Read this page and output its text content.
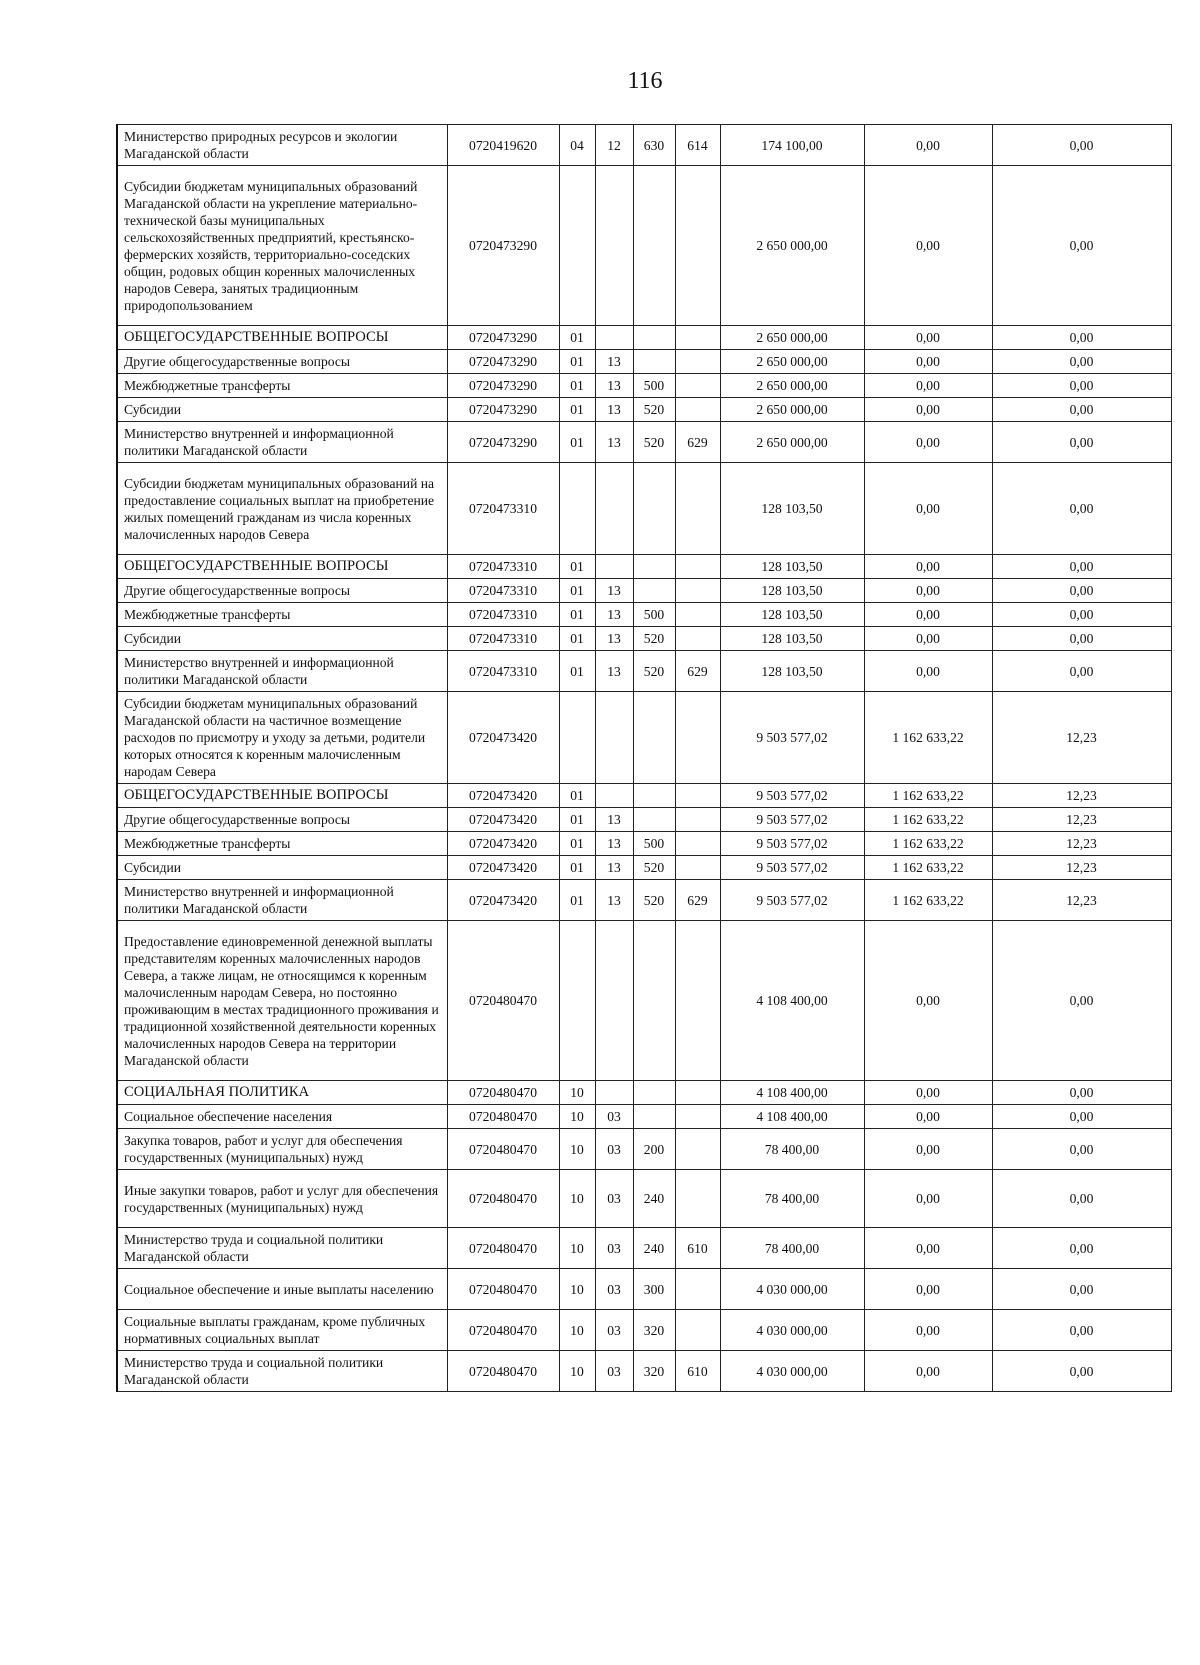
116
Министерство природных ресурсов и экологии Магаданской области	0720419620	04	12	630	614	174 100,00	0,00	0,00
Субсидии бюджетам муниципальных образований Магаданской области на укрепление материально-технической базы муниципальных сельскохозяйственных предприятий, крестьянско-фермерских хозяйств, территориально-соседских общин, родовых общин коренных малочисленных народов Севера, занятых традиционным природопользованием	0720473290					2 650 000,00	0,00	0,00
ОБЩЕГОСУДАРСТВЕННЫЕ ВОПРОСЫ	0720473290	01				2 650 000,00	0,00	0,00
Другие общегосударственные вопросы	0720473290	01	13			2 650 000,00	0,00	0,00
Межбюджетные трансферты	0720473290	01	13	500		2 650 000,00	0,00	0,00
Субсидии	0720473290	01	13	520		2 650 000,00	0,00	0,00
Министерство внутренней и информационной политики Магаданской области	0720473290	01	13	520	629	2 650 000,00	0,00	0,00
Субсидии бюджетам муниципальных образований на предоставление социальных выплат на приобретение жилых помещений гражданам из числа коренных малочисленных народов Севера	0720473310					128 103,50	0,00	0,00
ОБЩЕГОСУДАРСТВЕННЫЕ ВОПРОСЫ	0720473310	01				128 103,50	0,00	0,00
Другие общегосударственные вопросы	0720473310	01	13			128 103,50	0,00	0,00
Межбюджетные трансферты	0720473310	01	13	500		128 103,50	0,00	0,00
Субсидии	0720473310	01	13	520		128 103,50	0,00	0,00
Министерство внутренней и информационной политики Магаданской области	0720473310	01	13	520	629	128 103,50	0,00	0,00
Субсидии бюджетам муниципальных образований Магаданской области на частичное возмещение расходов по присмотру и уходу за детьми, родители которых относятся к коренным малочисленным народам Севера	0720473420					9 503 577,02	1 162 633,22	12,23
ОБЩЕГОСУДАРСТВЕННЫЕ ВОПРОСЫ	0720473420	01				9 503 577,02	1 162 633,22	12,23
Другие общегосударственные вопросы	0720473420	01	13			9 503 577,02	1 162 633,22	12,23
Межбюджетные трансферты	0720473420	01	13	500		9 503 577,02	1 162 633,22	12,23
Субсидии	0720473420	01	13	520		9 503 577,02	1 162 633,22	12,23
Министерство внутренней и информационной политики Магаданской области	0720473420	01	13	520	629	9 503 577,02	1 162 633,22	12,23
Предоставление единовременной денежной выплаты представителям коренных малочисленных народов Севера, а также лицам, не относящимся к коренным малочисленным народам Севера, но постоянно проживающим в местах традиционного проживания и традиционной хозяйственной деятельности коренных малочисленных народов Севера на территории Магаданской области	0720480470					4 108 400,00	0,00	0,00
СОЦИАЛЬНАЯ ПОЛИТИКА	0720480470	10				4 108 400,00	0,00	0,00
Социальное обеспечение населения	0720480470	10	03			4 108 400,00	0,00	0,00
Закупка товаров, работ и услуг для обеспечения государственных (муниципальных) нужд	0720480470	10	03	200		78 400,00	0,00	0,00
Иные закупки товаров, работ и услуг для обеспечения государственных (муниципальных) нужд	0720480470	10	03	240		78 400,00	0,00	0,00
Министерство труда и социальной политики Магаданской области	0720480470	10	03	240	610	78 400,00	0,00	0,00
Социальное обеспечение и иные выплаты населению	0720480470	10	03	300		4 030 000,00	0,00	0,00
Социальные выплаты гражданам, кроме публичных нормативных социальных выплат	0720480470	10	03	320		4 030 000,00	0,00	0,00
Министерство труда и социальной политики Магаданской области	0720480470	10	03	320	610	4 030 000,00	0,00	0,00
